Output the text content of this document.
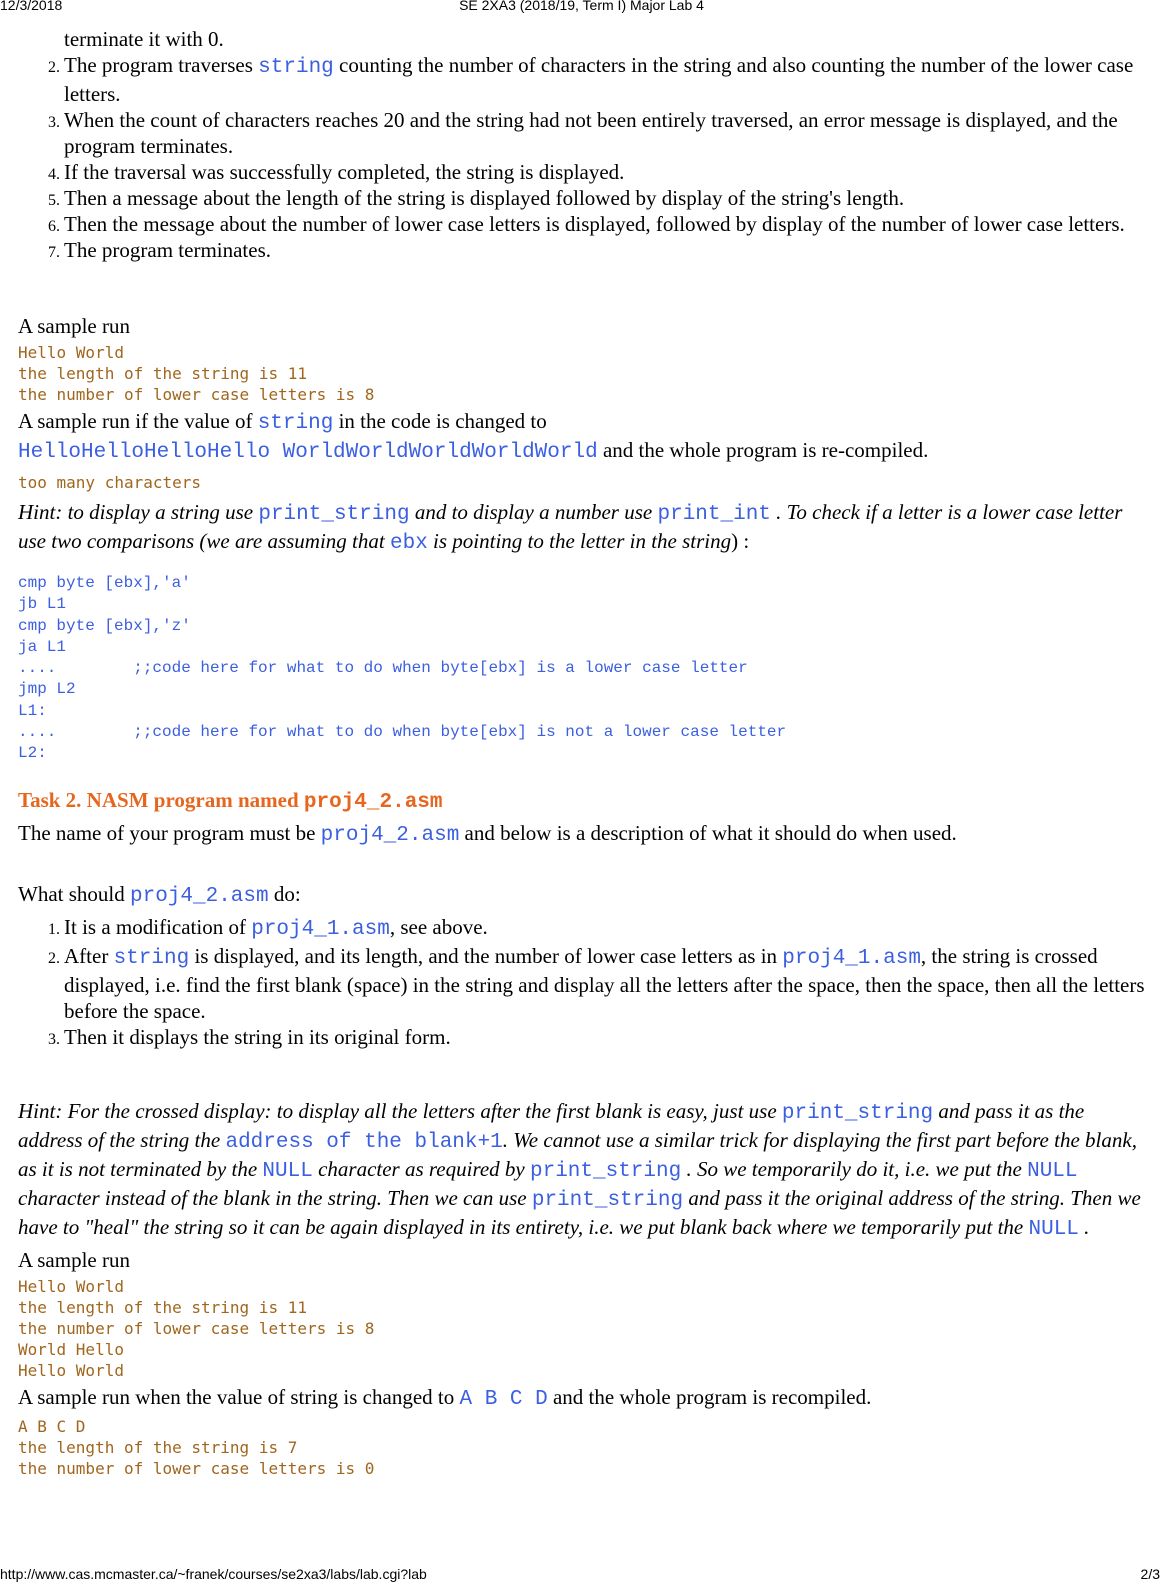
12/3/2018	SE 2XA3 (2018/19, Term I) Major Lab 4
terminate it with 0.
2. The program traverses string counting the number of characters in the string and also counting the number of the lower case letters.
3. When the count of characters reaches 20 and the string had not been entirely traversed, an error message is displayed, and the program terminates.
4. If the traversal was successfully completed, the string is displayed.
5. Then a message about the length of the string is displayed followed by display of the string's length.
6. Then the message about the number of lower case letters is displayed, followed by display of the number of lower case letters.
7. The program terminates.

A sample run

Hello World
the length of the string is 11
the number of lower case letters is 8

A sample run if the value of string in the code is changed to
HelloHelloHelloHello WorldWorldWorldWorldWorld and the whole program is re-compiled.

too many characters

Hint: to display a string use print_string and to display a number use print_int . To check if a letter is a lower case letter use two comparisons (we are assuming that ebx is pointing to the letter in the string) :

cmp byte [ebx],'a'
jb L1
cmp byte [ebx],'z'
ja L1
....        ;;code here for what to do when byte[ebx] is a lower case letter
jmp L2
L1:
....        ;;code here for what to do when byte[ebx] is not a lower case letter
L2:

Task 2. NASM program named proj4_2.asm

The name of your program must be proj4_2.asm and below is a description of what it should do when used.

What should proj4_2.asm do:

1. It is a modification of proj4_1.asm, see above.
2. After string is displayed, and its length, and the number of lower case letters as in proj4_1.asm, the string is crossed displayed, i.e. find the first blank (space) in the string and display all the letters after the space, then the space, then all the letters before the space.
3. Then it displays the string in its original form.

Hint: For the crossed display: to display all the letters after the first blank is easy, just use print_string and pass it as the address of the string the address of the blank+1. We cannot use a similar trick for displaying the first part before the blank, as it is not terminated by the NULL character as required by print_string . So we temporarily do it, i.e. we put the NULL character instead of the blank in the string. Then we can use print_string and pass it the original address of the string. Then we have to "heal" the string so it can be again displayed in its entirety, i.e. we put blank back where we temporarily put the NULL .

A sample run

Hello World
the length of the string is 11
the number of lower case letters is 8
World Hello
Hello World

A sample run when the value of string is changed to A B C D and the whole program is recompiled.

A B C D
the length of the string is 7
the number of lower case letters is 0
http://www.cas.mcmaster.ca/~franek/courses/se2xa3/labs/lab.cgi?lab	2/3
